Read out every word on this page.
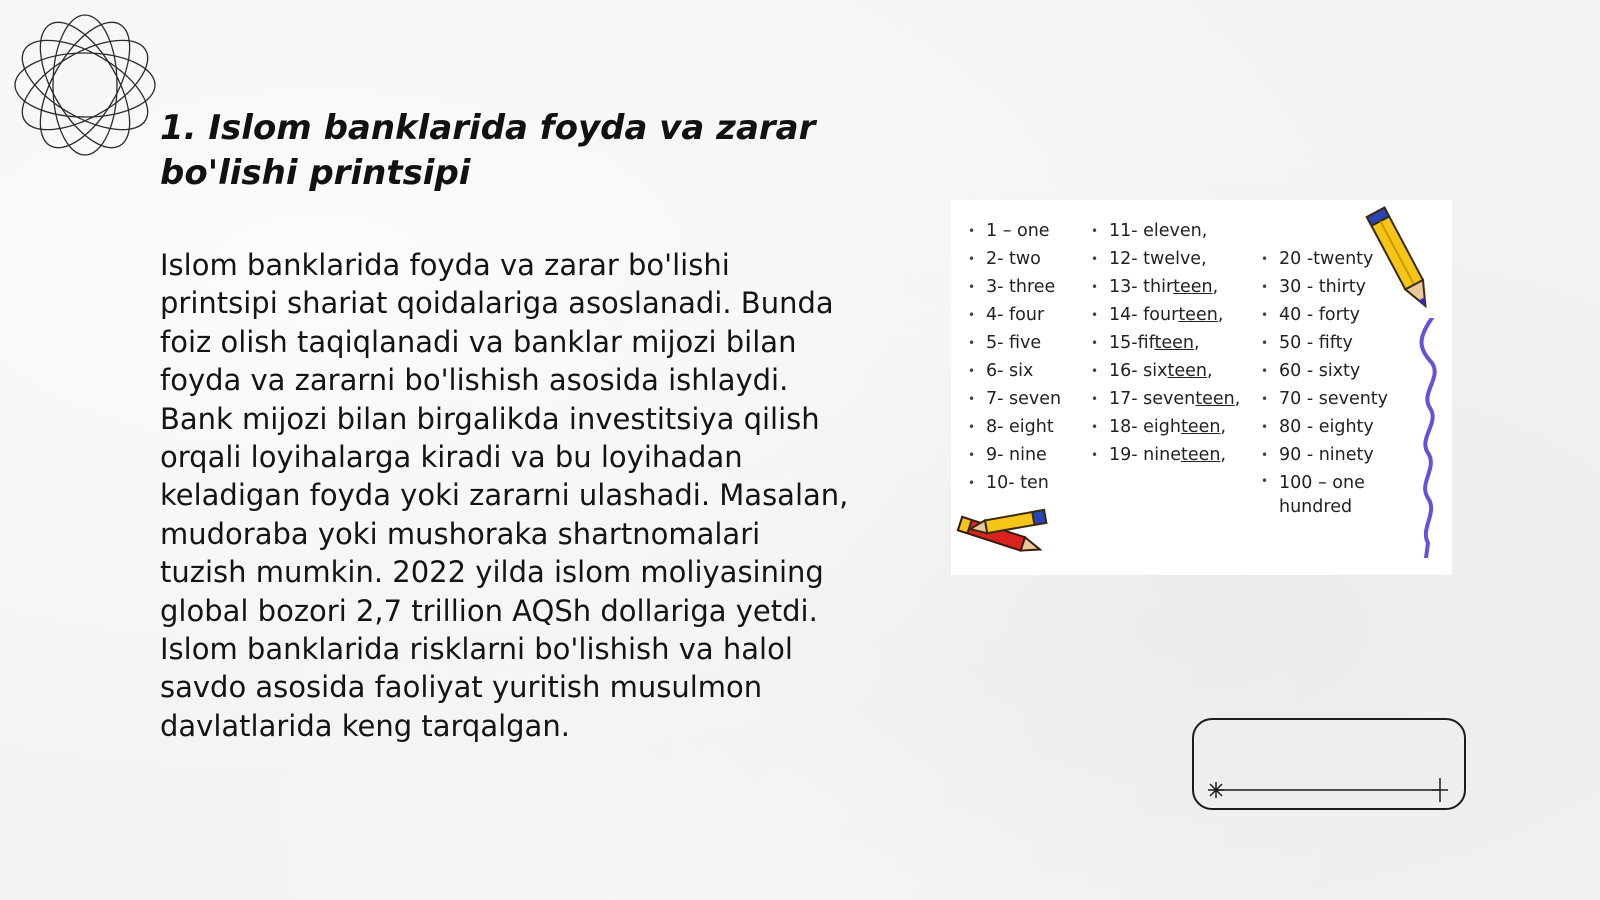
1. Islom banklarida foyda va zarar bo'lishi printsipi

Islom banklarida foyda va zarar bo'lishi printsipi shariat qoidalariga asoslanadi. Bunda foiz olish taqiqlanadi va banklar mijozi bilan foyda va zararni bo'lishish asosida ishlaydi. Bank mijozi bilan birgalikda investitsiya qilish orqali loyihalarga kiradi va bu loyihadan keladigan foyda yoki zararni ulashadi. Masalan, mudoraba yoki mushoraka shartnomalari tuzish mumkin. 2022 yilda islom moliyasining global bozori 2,7 trillion AQSh dollariga yetdi. Islom banklarida risklarni bo'lishish va halol savdo asosida faoliyat yuritish musulmon davlatlarida keng tarqalgan.

• 1 – one
• 2- two
• 3- three
• 4- four
• 5- five
• 6- six
• 7- seven
• 8- eight
• 9- nine
• 10- ten
• 11- eleven,
• 12- twelve,
• 13- thirteen,
• 14- fourteen,
• 15-fifteen,
• 16- sixteen,
• 17- seventeen,
• 18- eighteen,
• 19- nineteen,
• 20 -twenty
• 30 - thirty
• 40 - forty
• 50 - fifty
• 60 - sixty
• 70 - seventy
• 80 - eighty
• 90 - ninety
• 100 – one hundred
